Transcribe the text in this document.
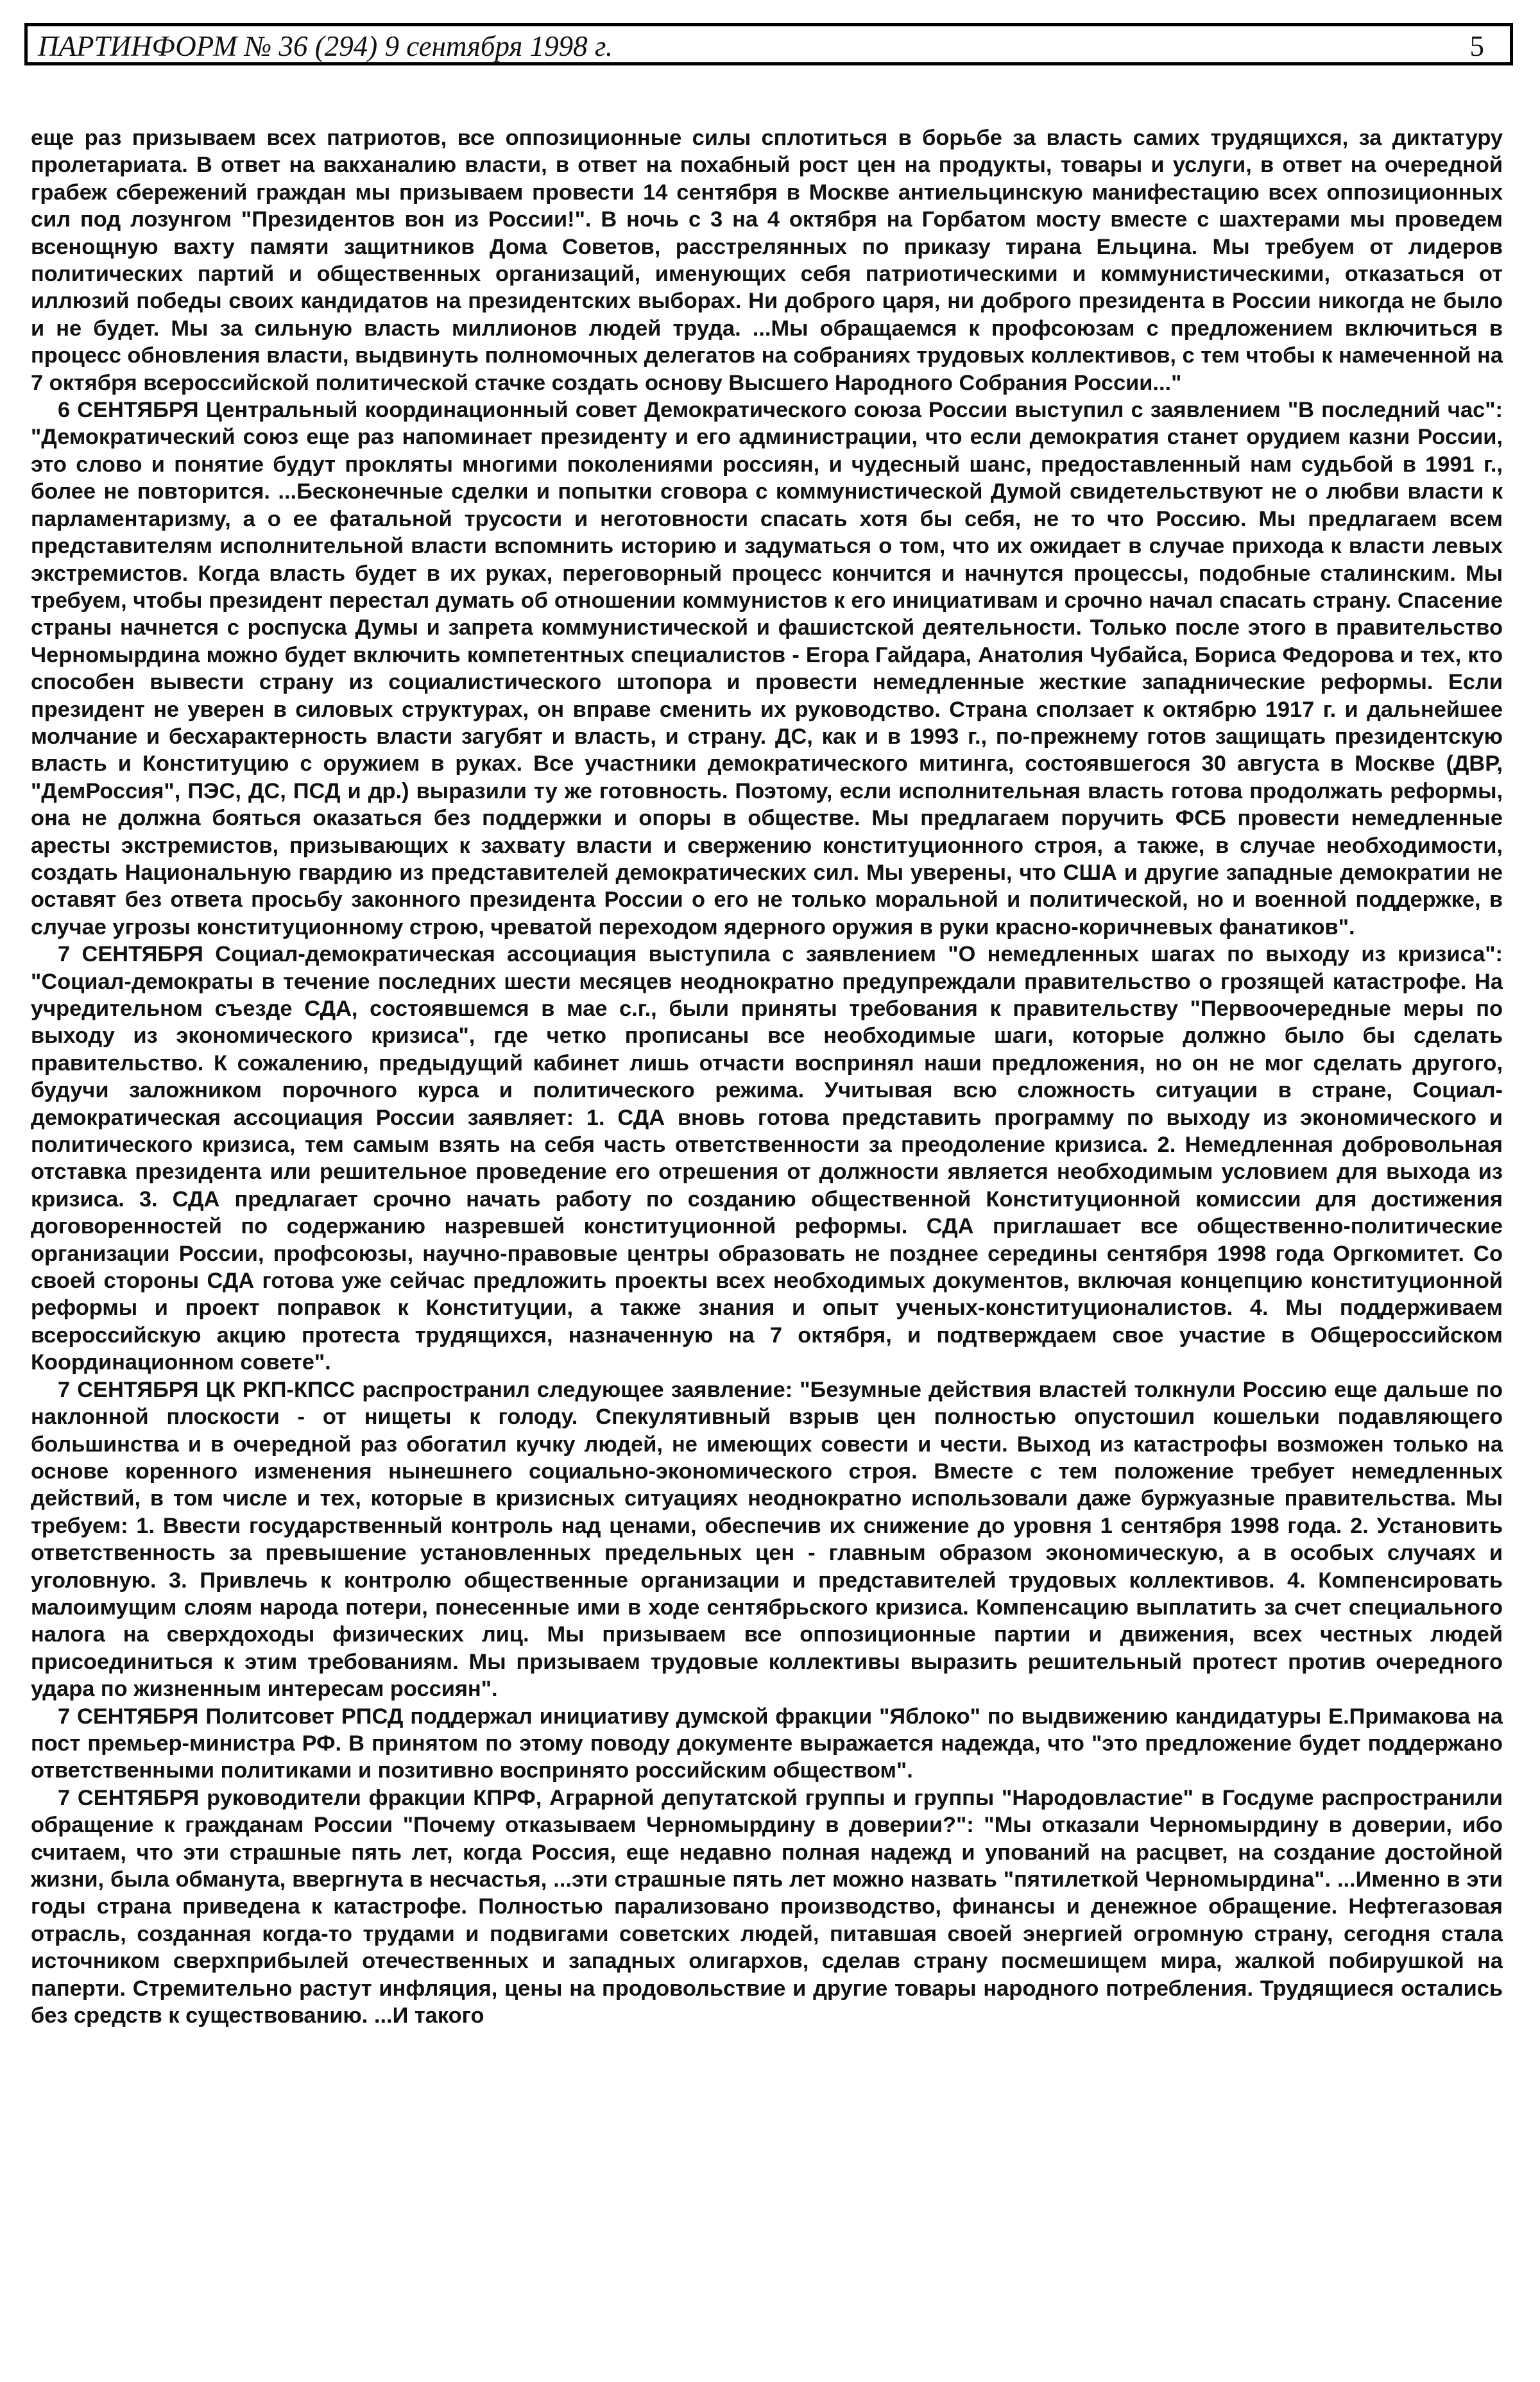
ПАРТИНФОРМ № 36 (294) 9 сентября 1998 г.	5

еще раз призываем всех патриотов, все оппозиционные силы сплотиться в борьбе за власть самих трудящихся, за диктатуру пролетариата. В ответ на вакханалию власти, в ответ на похабный рост цен на продукты, товары и услуги, в ответ на очередной грабеж сбережений граждан мы призываем провести 14 сентября в Москве антиельцинскую манифестацию всех оппозиционных сил под лозунгом "Президентов вон из России!". В ночь с 3 на 4 октября на Горбатом мосту вместе с шахтерами мы проведем всенощную вахту памяти защитников Дома Советов, расстрелянных по приказу тирана Ельцина. Мы требуем от лидеров политических партий и общественных организаций, именующих себя патриотическими и коммунистическими, отказаться от иллюзий победы своих кандидатов на президентских выборах. Ни доброго царя, ни доброго президента в России никогда не было и не будет. Мы за сильную власть миллионов людей труда. ...Мы обращаемся к профсоюзам с предложением включиться в процесс обновления власти, выдвинуть полномочных делегатов на собраниях трудовых коллективов, с тем чтобы к намеченной на 7 октября всероссийской политической стачке создать основу Высшего Народного Собрания России..."

6 СЕНТЯБРЯ Центральный координационный совет Демократического союза России выступил с заявлением "В последний час": "Демократический союз еще раз напоминает президенту и его администрации, что если демократия станет орудием казни России, это слово и понятие будут прокляты многими поколениями россиян, и чудесный шанс, предоставленный нам судьбой в 1991 г., более не повторится. ...Бесконечные сделки и попытки сговора с коммунистической Думой свидетельствуют не о любви власти к парламентаризму, а о ее фатальной трусости и неготовности спасать хотя бы себя, не то что Россию. Мы предлагаем всем представителям исполнительной власти вспомнить историю и задуматься о том, что их ожидает в случае прихода к власти левых экстремистов. Когда власть будет в их руках, переговорный процесс кончится и начнутся процессы, подобные сталинским. Мы требуем, чтобы президент перестал думать об отношении коммунистов к его инициативам и срочно начал спасать страну. Спасение страны начнется с роспуска Думы и запрета коммунистической и фашистской деятельности. Только после этого в правительство Черномырдина можно будет включить компетентных специалистов - Егора Гайдара, Анатолия Чубайса, Бориса Федорова и тех, кто способен вывести страну из социалистического штопора и провести немедленные жесткие западнические реформы. Если президент не уверен в силовых структурах, он вправе сменить их руководство. Страна сползает к октябрю 1917 г. и дальнейшее молчание и бесхарактерность власти загубят и власть, и страну. ДС, как и в 1993 г., по-прежнему готов защищать президентскую власть и Конституцию с оружием в руках. Все участники демократического митинга, состоявшегося 30 августа в Москве (ДВР, "ДемРоссия", ПЭС, ДС, ПСД и др.) выразили ту же готовность. Поэтому, если исполнительная власть готова продолжать реформы, она не должна бояться оказаться без поддержки и опоры в обществе. Мы предлагаем поручить ФСБ провести немедленные аресты экстремистов, призывающих к захвату власти и свержению конституционного строя, а также, в случае необходимости, создать Национальную гвардию из представителей демократических сил. Мы уверены, что США и другие западные демократии не оставят без ответа просьбу законного президента России о его не только моральной и политической, но и военной поддержке, в случае угрозы конституционному строю, чреватой переходом ядерного оружия в руки красно-коричневых фанатиков".

7 СЕНТЯБРЯ Социал-демократическая ассоциация выступила с заявлением "О немедленных шагах по выходу из кризиса": "Социал-демократы в течение последних шести месяцев неоднократно предупреждали правительство о грозящей катастрофе. На учредительном съезде СДА, состоявшемся в мае с.г., были приняты требования к правительству "Первоочередные меры по выходу из экономического кризиса", где четко прописаны все необходимые шаги, которые должно было бы сделать правительство. К сожалению, предыдущий кабинет лишь отчасти воспринял наши предложения, но он не мог сделать другого, будучи заложником порочного курса и политического режима. Учитывая всю сложность ситуации в стране, Социал-демократическая ассоциация России заявляет: 1. СДА вновь готова представить программу по выходу из экономического и политического кризиса, тем самым взять на себя часть ответственности за преодоление кризиса. 2. Немедленная добровольная отставка президента или решительное проведение его отрешения от должности является необходимым условием для выхода из кризиса. 3. СДА предлагает срочно начать работу по созданию общественной Конституционной комиссии для достижения договоренностей по содержанию назревшей конституционной реформы. СДА приглашает все общественно-политические организации России, профсоюзы, научно-правовые центры образовать не позднее середины сентября 1998 года Оргкомитет. Со своей стороны СДА готова уже сейчас предложить проекты всех необходимых документов, включая концепцию конституционной реформы и проект поправок к Конституции, а также знания и опыт ученых-конституционалистов. 4. Мы поддерживаем всероссийскую акцию протеста трудящихся, назначенную на 7 октября, и подтверждаем свое участие в Общероссийском Координационном совете".

7 СЕНТЯБРЯ ЦК РКП-КПСС распространил следующее заявление: "Безумные действия властей толкнули Россию еще дальше по наклонной плоскости - от нищеты к голоду. Спекулятивный взрыв цен полностью опустошил кошельки подавляющего большинства и в очередной раз обогатил кучку людей, не имеющих совести и чести. Выход из катастрофы возможен только на основе коренного изменения нынешнего социально-экономического строя. Вместе с тем положение требует немедленных действий, в том числе и тех, которые в кризисных ситуациях неоднократно использовали даже буржуазные правительства. Мы требуем: 1. Ввести государственный контроль над ценами, обеспечив их снижение до уровня 1 сентября 1998 года. 2. Установить ответственность за превышение установленных предельных цен - главным образом экономическую, а в особых случаях и уголовную. 3. Привлечь к контролю общественные организации и представителей трудовых коллективов. 4. Компенсировать малоимущим слоям народа потери, понесенные ими в ходе сентябрьского кризиса. Компенсацию выплатить за счет специального налога на сверхдоходы физических лиц. Мы призываем все оппозиционные партии и движения, всех честных людей присоединиться к этим требованиям. Мы призываем трудовые коллективы выразить решительный протест против очередного удара по жизненным интересам россиян".

7 СЕНТЯБРЯ Политсовет РПСД поддержал инициативу думской фракции "Яблоко" по выдвижению кандидатуры Е.Примакова на пост премьер-министра РФ. В принятом по этому поводу документе выражается надежда, что "это предложение будет поддержано ответственными политиками и позитивно воспринято российским обществом".

7 СЕНТЯБРЯ руководители фракции КПРФ, Аграрной депутатской группы и группы "Народовластие" в Госдуме распространили обращение к гражданам России "Почему отказываем Черномырдину в доверии?": "Мы отказали Черномырдину в доверии, ибо считаем, что эти страшные пять лет, когда Россия, еще недавно полная надежд и упований на расцвет, на создание достойной жизни, была обманута, ввергнута в несчастья, ...эти страшные пять лет можно назвать "пятилеткой Черномырдина". ...Именно в эти годы страна приведена к катастрофе. Полностью парализовано производство, финансы и денежное обращение. Нефтегазовая отрасль, созданная когда-то трудами и подвигами советских людей, питавшая своей энергией огромную страну, сегодня стала источником сверхприбылей отечественных и западных олигархов, сделав страну посмешищем мира, жалкой побирушкой на паперти. Стремительно растут инфляция, цены на продовольствие и другие товары народного потребления. Трудящиеся остались без средств к существованию. ...И такого
